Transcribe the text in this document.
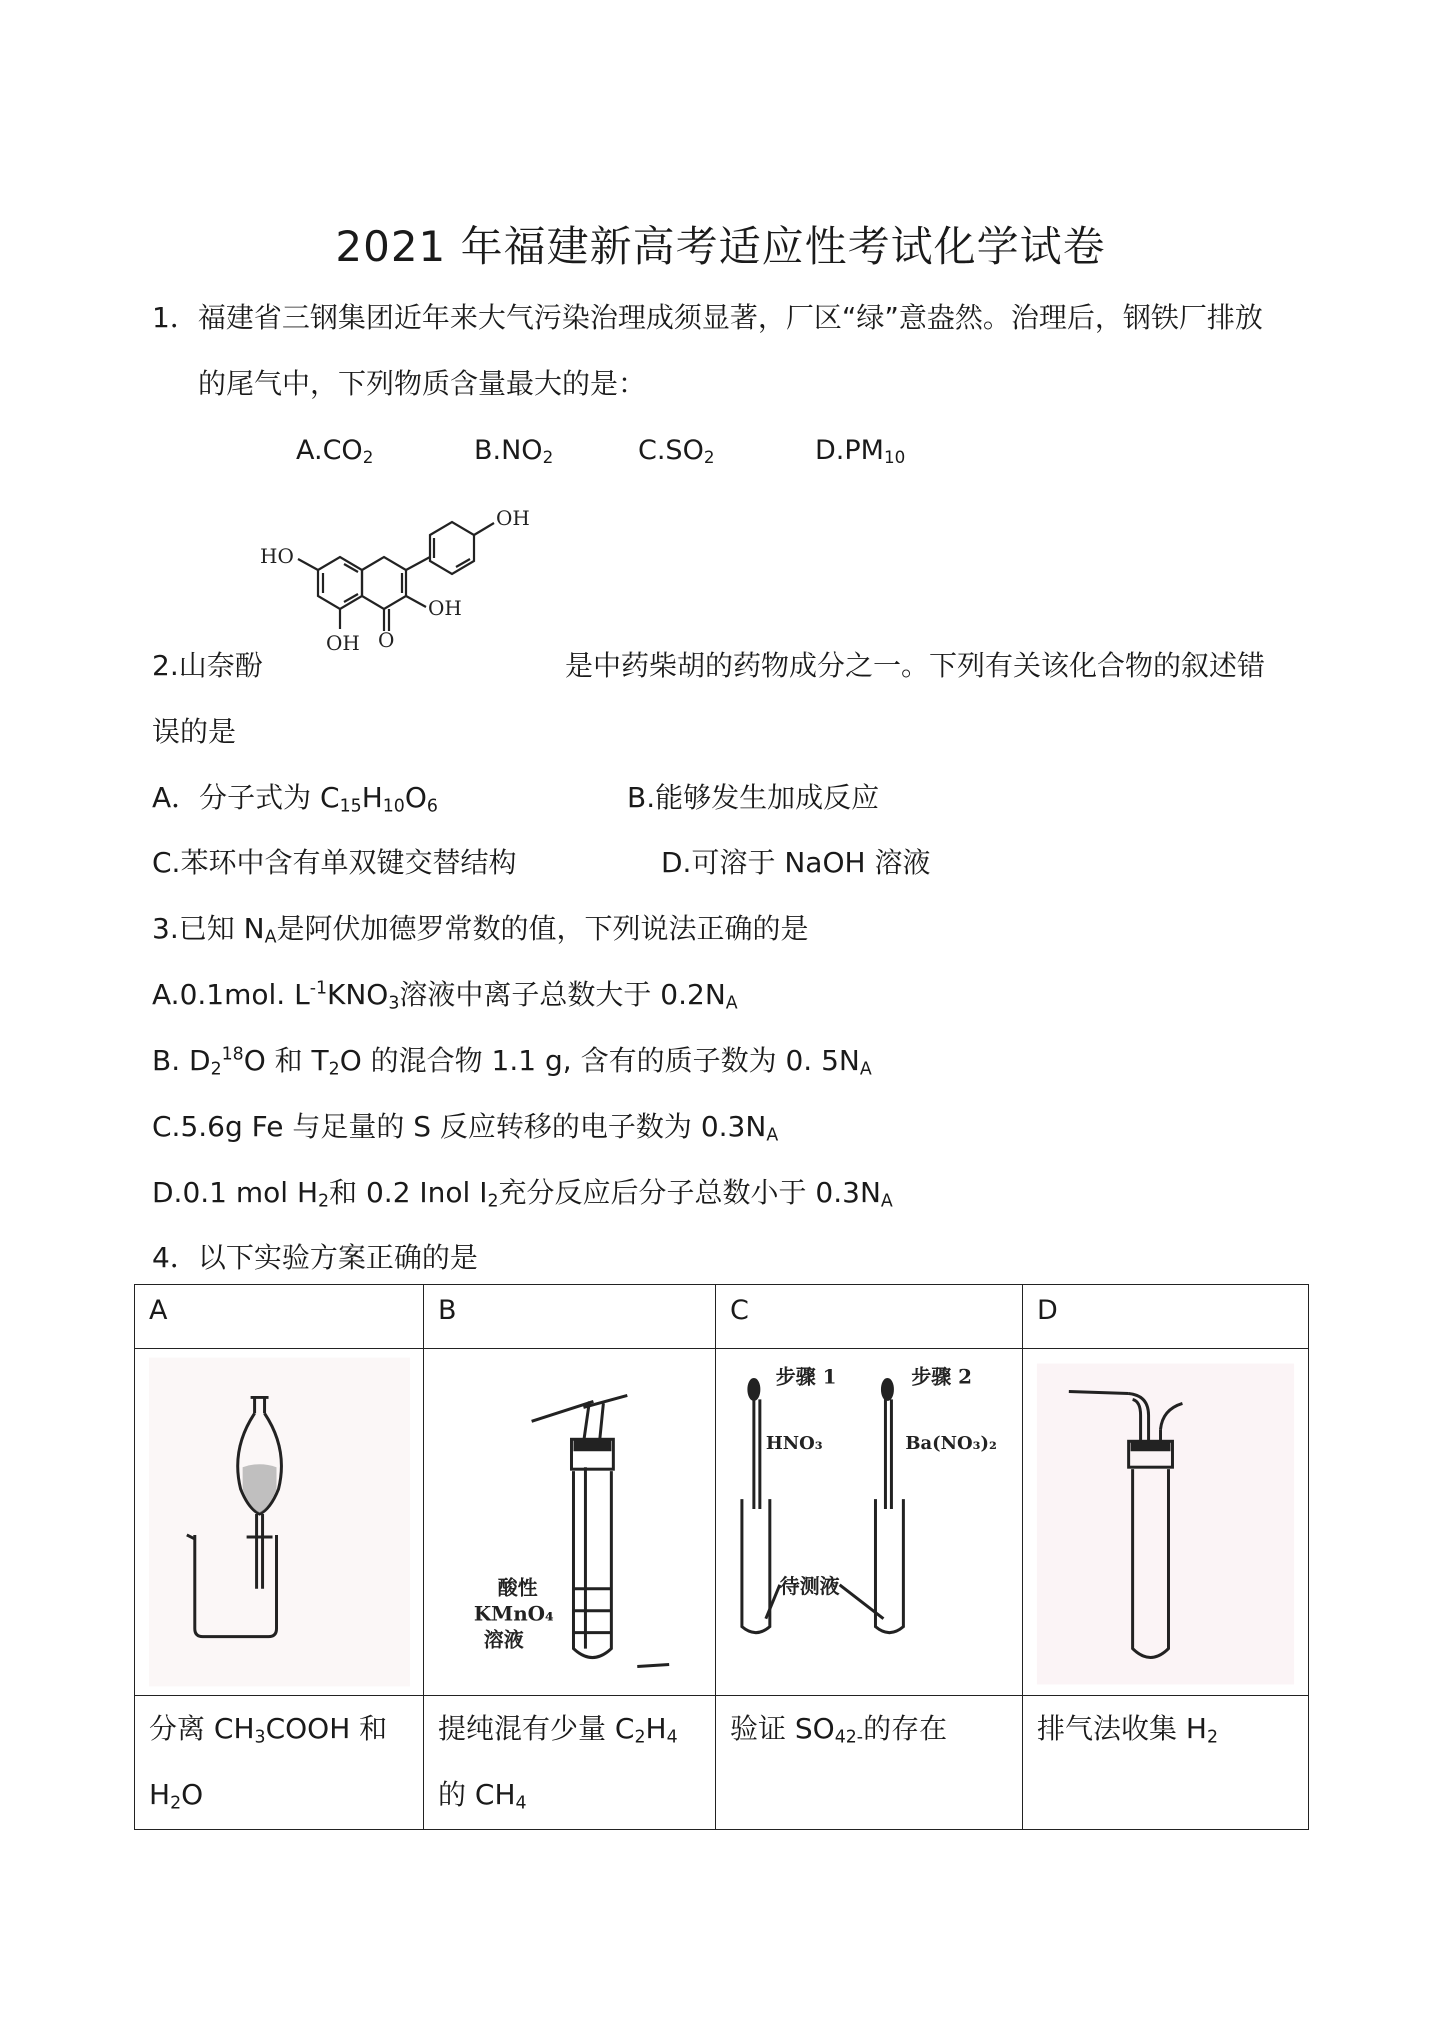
2021 年福建新高考适应性考试化学试卷
1．福建省三钢集团近年来大气污染治理成须显著，厂区“绿”意盎然。治理后，钢铁厂排放
的尾气中，下列物质含量最大的是：
$A.CO_2$	$B.NO_2$	$C.SO_2$	$D.PM_{10}$
OH
HO
OH
OH O
2.山奈酚	是中药柴胡的药物成分之一。下列有关该化合物的叙述错
误的是
A．分子式为 $C_{15}H_{10}O_6$	B.能够发生加成反应
C.苯环中含有单双键交替结构	D.可溶于 NaOH 溶液
3.已知 $N_A$是阿伏加德罗常数的值，下列说法正确的是
A.0.1mol. $L^{-1}KNO_3$溶液中离子总数大于 $0.2N_A$
B. $D_2^{18}O$ 和 $T_2O$ 的混合物 1.1 g, 含有的质子数为 0. $5N_A$
C.5.6g Fe 与足量的 S 反应转移的电子数为 $0.3N_A$
D.0.1 mol $H_2$和 0.2 Inol $I_2$充分反应后分子总数小于 $0.3N_A$
4．以下实验方案正确的是
A	B	C	D

酸性
KMnO₄
溶液	步骤 1 步骤 2
HNO₃ Ba(NO₃)₂
待测液

分离 $CH_3COOH$ 和 $H_2O$	提纯混有少量 $C_2H_4$的 $CH_4$	验证 $SO_{42-}$的存在	排气法收集 $H_2$
